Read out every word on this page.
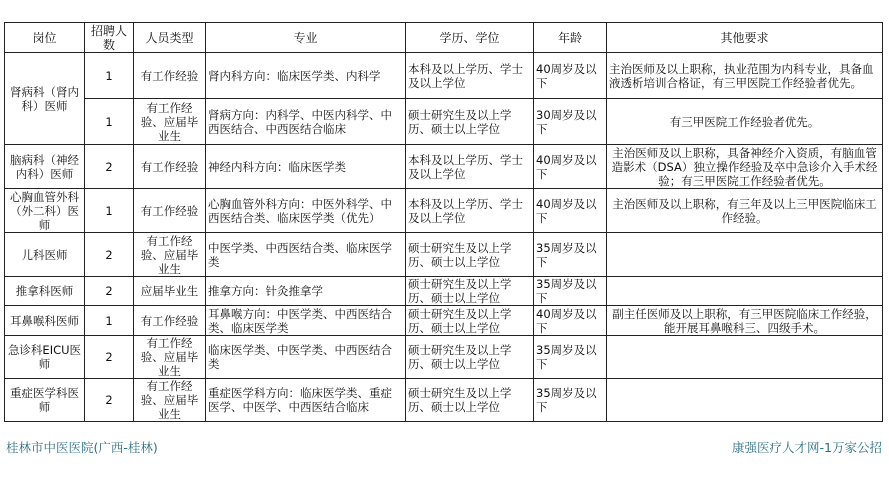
岗位	招聘人数	人员类型	专业	学历、学位	年龄	其他要求
肾病科（肾内科）医师	1	有工作经验	肾内科方向：临床医学类、内科学	本科及以上学历、学士及以上学位	40周岁及以下	主治医师及以上职称，执业范围为内科专业，具备血液透析培训合格证，有三甲医院工作经验者优先。
	1	有工作经验、应届毕业生	肾病方向：内科学、中医内科学、中西医结合、中西医结合临床	硕士研究生及以上学历、硕士以上学位	30周岁及以下	有三甲医院工作经验者优先。
脑病科（神经内科）医师	2	有工作经验	神经内科方向：临床医学类	本科及以上学历、学士及以上学位	40周岁及以下	主治医师及以上职称，具备神经介入资质，有脑血管造影术（DSA）独立操作经验及卒中急诊介入手术经验；有三甲医院工作经验者优先。
心胸血管外科（外二科）医师	1	有工作经验	心胸血管外科方向：中医外科学、中西医结合类、临床医学类（优先）	本科及以上学历、学士及以上学位	40周岁及以下	主治医师及以上职称，有三年及以上三甲医院临床工作经验。
儿科医师	2	有工作经验、应届毕业生	中医学类、中西医结合类、临床医学类	硕士研究生及以上学历、硕士以上学位	35周岁及以下	
推拿科医师	2	应届毕业生	推拿方向：针灸推拿学	硕士研究生及以上学历、硕士以上学位	35周岁及以下	
耳鼻喉科医师	1	有工作经验	耳鼻喉方向：中医学类、中西医结合类、临床医学类	硕士研究生及以上学历、硕士以上学位	40周岁及以下	副主任医师及以上职称，有三甲医院临床工作经验，能开展耳鼻喉科三、四级手术。
急诊科EICU医师	2	有工作经验、应届毕业生	临床医学类、中医学类、中西医结合类	硕士研究生及以上学历、硕士以上学位	35周岁及以下	
重症医学科医师	2	有工作经验、应届毕业生	重症医学科方向：临床医学类、重症医学、中医学、中西医结合临床	硕士研究生及以上学历、硕士以上学位	35周岁及以下	
桂林市中医医院(广西-桂林)	康强医疗人才网-1万家公招
